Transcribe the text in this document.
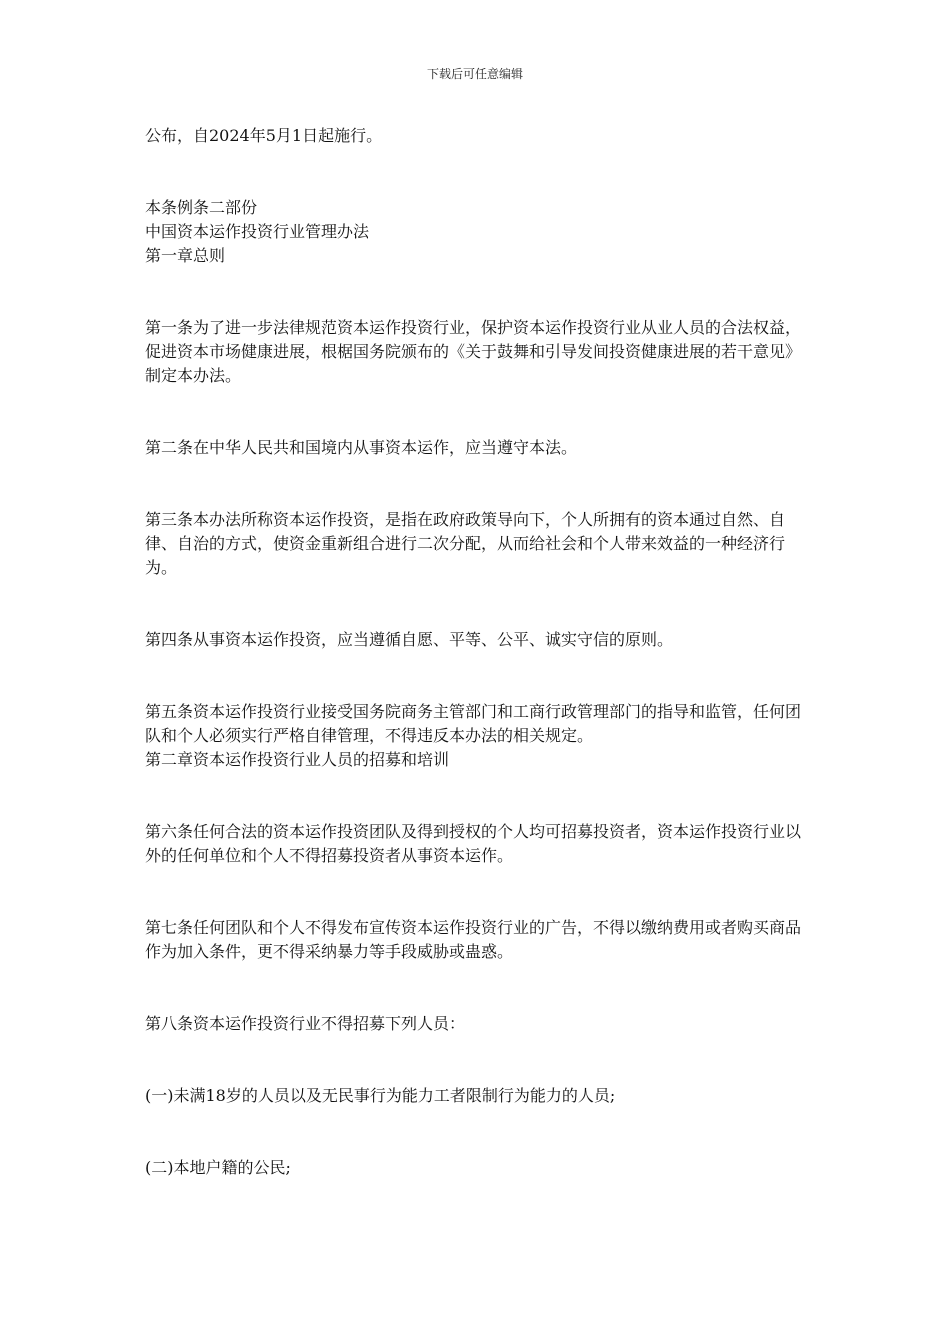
下载后可任意编辑

公布，自2024年5月1日起施行。

本条例条二部份

中国资本运作投资行业管理办法

第一章总则

第一条为了进一步法律规范资本运作投资行业，保护资本运作投资行业从业人员的合法权益，促进资本市场健康进展，根椐国务院颁布的《关于鼓舞和引导发间投资健康进展的若干意见》制定本办法。

第二条在中华人民共和国境内从事资本运作，应当遵守本法。

第三条本办法所称资本运作投资，是指在政府政策导向下，个人所拥有的资本通过自然、自律、自治的方式，使资金重新组合进行二次分配，从而给社会和个人带来效益的一种经济行为。

第四条从事资本运作投资，应当遵循自愿、平等、公平、诚实守信的原则。

第五条资本运作投资行业接受国务院商务主管部门和工商行政管理部门的指导和监管，任何团队和个人必须实行严格自律管理，不得违反本办法的相关规定。

第二章资本运作投资行业人员的招募和培训

第六条任何合法的资本运作投资团队及得到授权的个人均可招募投资者，资本运作投资行业以外的任何单位和个人不得招募投资者从事资本运作。

第七条任何团队和个人不得发布宣传资本运作投资行业的广告，不得以缴纳费用或者购买商品作为加入条件，更不得采纳暴力等手段威胁或蛊惑。

第八条资本运作投资行业不得招募下列人员：

(一)未满18岁的人员以及无民事行为能力工者限制行为能力的人员;

(二)本地户籍的公民;
